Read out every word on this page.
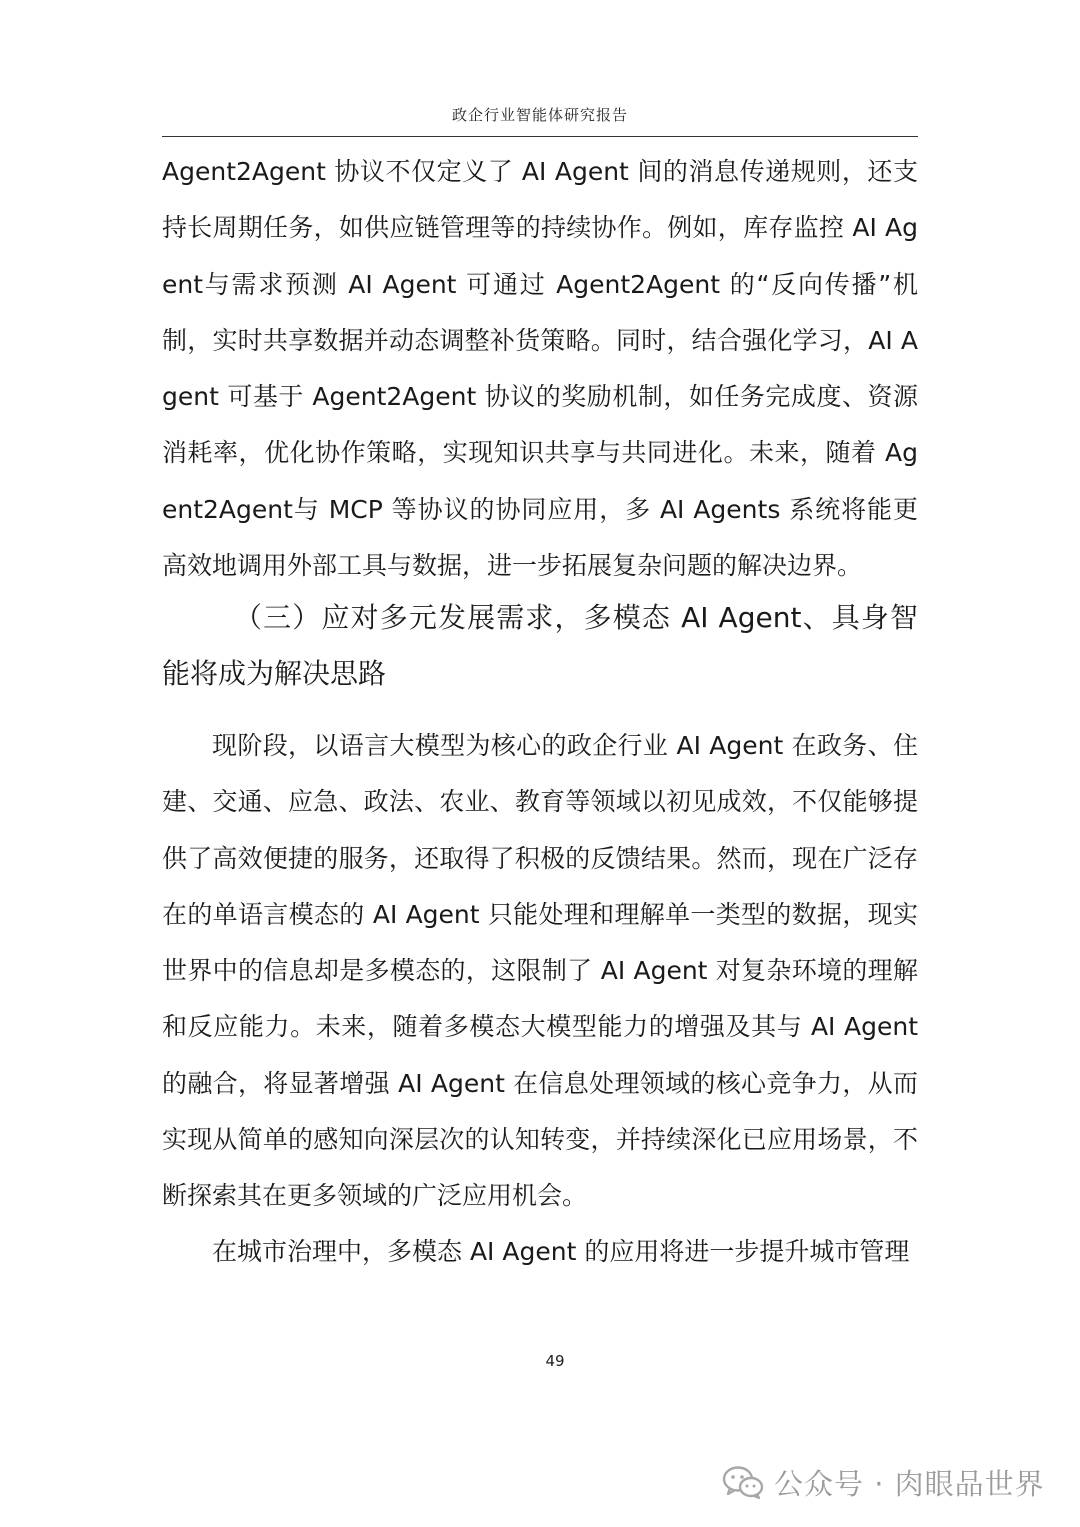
政企行业智能体研究报告

Agent2Agent 协议不仅定义了 AI Agent 间的消息传递规则，还支持长周期任务，如供应链管理等的持续协作。例如，库存监控 AI Agent与需求预测 AI Agent 可通过 Agent2Agent 的“反向传播”机制，实时共享数据并动态调整补货策略。同时，结合强化学习，AI Agent 可基于 Agent2Agent 协议的奖励机制，如任务完成度、资源消耗率，优化协作策略，实现知识共享与共同进化。未来，随着 Agent2Agent与 MCP 等协议的协同应用，多 AI Agents 系统将能更高效地调用外部工具与数据，进一步拓展复杂问题的解决边界。

（三）应对多元发展需求，多模态 AI Agent、具身智能将成为解决思路

现阶段，以语言大模型为核心的政企行业 AI Agent 在政务、住建、交通、应急、政法、农业、教育等领域以初见成效，不仅能够提供了高效便捷的服务，还取得了积极的反馈结果。然而，现在广泛存在的单语言模态的 AI Agent 只能处理和理解单一类型的数据，现实世界中的信息却是多模态的，这限制了 AI Agent 对复杂环境的理解和反应能力。未来，随着多模态大模型能力的增强及其与 AI Agent的融合，将显著增强 AI Agent 在信息处理领域的核心竞争力，从而实现从简单的感知向深层次的认知转变，并持续深化已应用场景，不断探索其在更多领域的广泛应用机会。

在城市治理中，多模态 AI Agent 的应用将进一步提升城市管理

49
公众号 · 肉眼品世界
